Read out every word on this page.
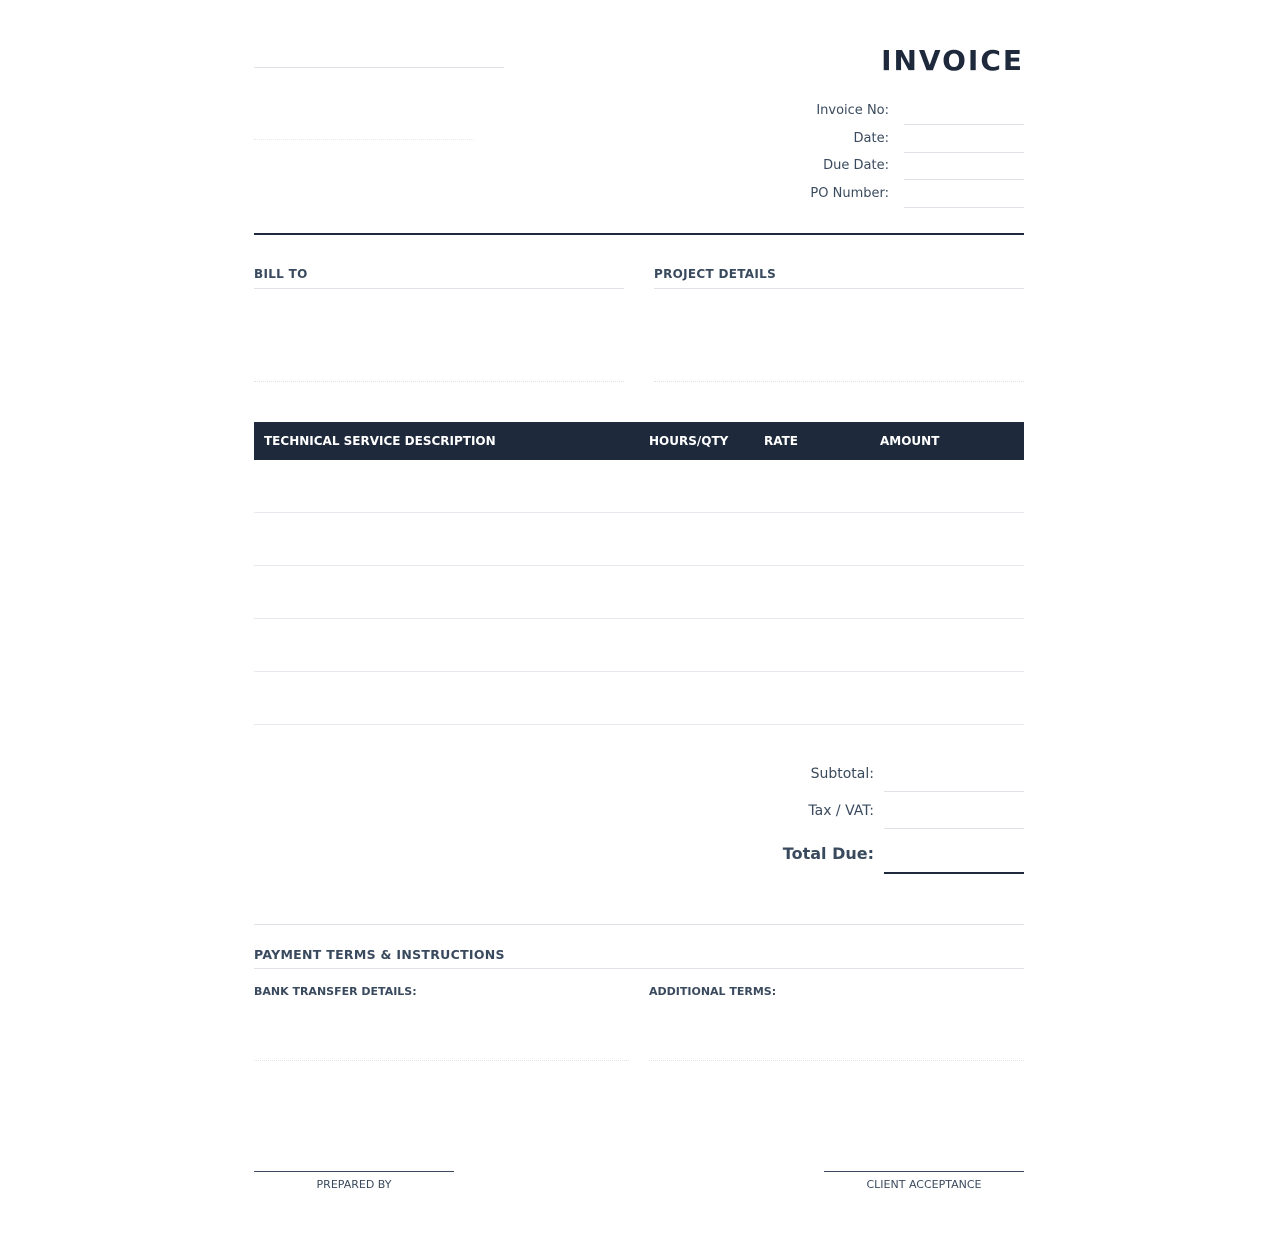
INVOICE
Invoice No:
Date:
Due Date:
PO Number:
BILL TO	PROJECT DETAILS
TECHNICAL SERVICE DESCRIPTION	HOURS/QTY	RATE	AMOUNT
Subtotal:
Tax / VAT:
Total Due:
PAYMENT TERMS & INSTRUCTIONS
BANK TRANSFER DETAILS:	ADDITIONAL TERMS:
PREPARED BY	CLIENT ACCEPTANCE
